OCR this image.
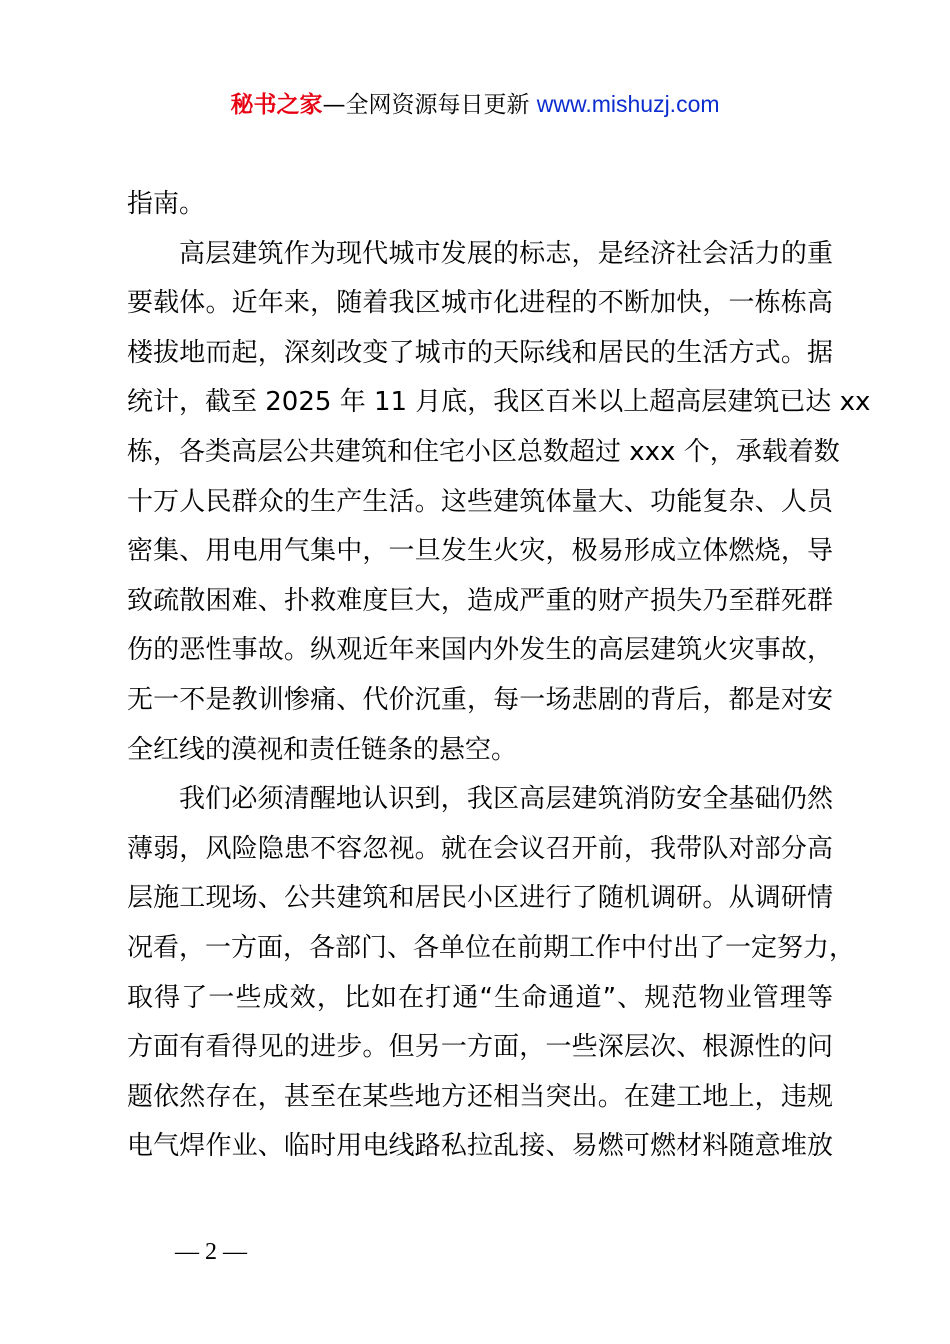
秘书之家—全网资源每日更新 www.mishuzj.com
指南。
高层建筑作为现代城市发展的标志，是经济社会活力的重
要载体。近年来，随着我区城市化进程的不断加快，一栋栋高
楼拔地而起，深刻改变了城市的天际线和居民的生活方式。据
统计，截至 2025 年 11 月底，我区百米以上超高层建筑已达 xx
栋，各类高层公共建筑和住宅小区总数超过 xxx 个，承载着数
十万人民群众的生产生活。这些建筑体量大、功能复杂、人员
密集、用电用气集中，一旦发生火灾，极易形成立体燃烧，导
致疏散困难、扑救难度巨大，造成严重的财产损失乃至群死群
伤的恶性事故。纵观近年来国内外发生的高层建筑火灾事故，
无一不是教训惨痛、代价沉重，每一场悲剧的背后，都是对安
全红线的漠视和责任链条的悬空。
我们必须清醒地认识到，我区高层建筑消防安全基础仍然
薄弱，风险隐患不容忽视。就在会议召开前，我带队对部分高
层施工现场、公共建筑和居民小区进行了随机调研。从调研情
况看，一方面，各部门、各单位在前期工作中付出了一定努力，
取得了一些成效，比如在打通“生命通道”、规范物业管理等
方面有看得见的进步。但另一方面，一些深层次、根源性的问
题依然存在，甚至在某些地方还相当突出。在建工地上，违规
电气焊作业、临时用电线路私拉乱接、易燃可燃材料随意堆放
— 2 —
